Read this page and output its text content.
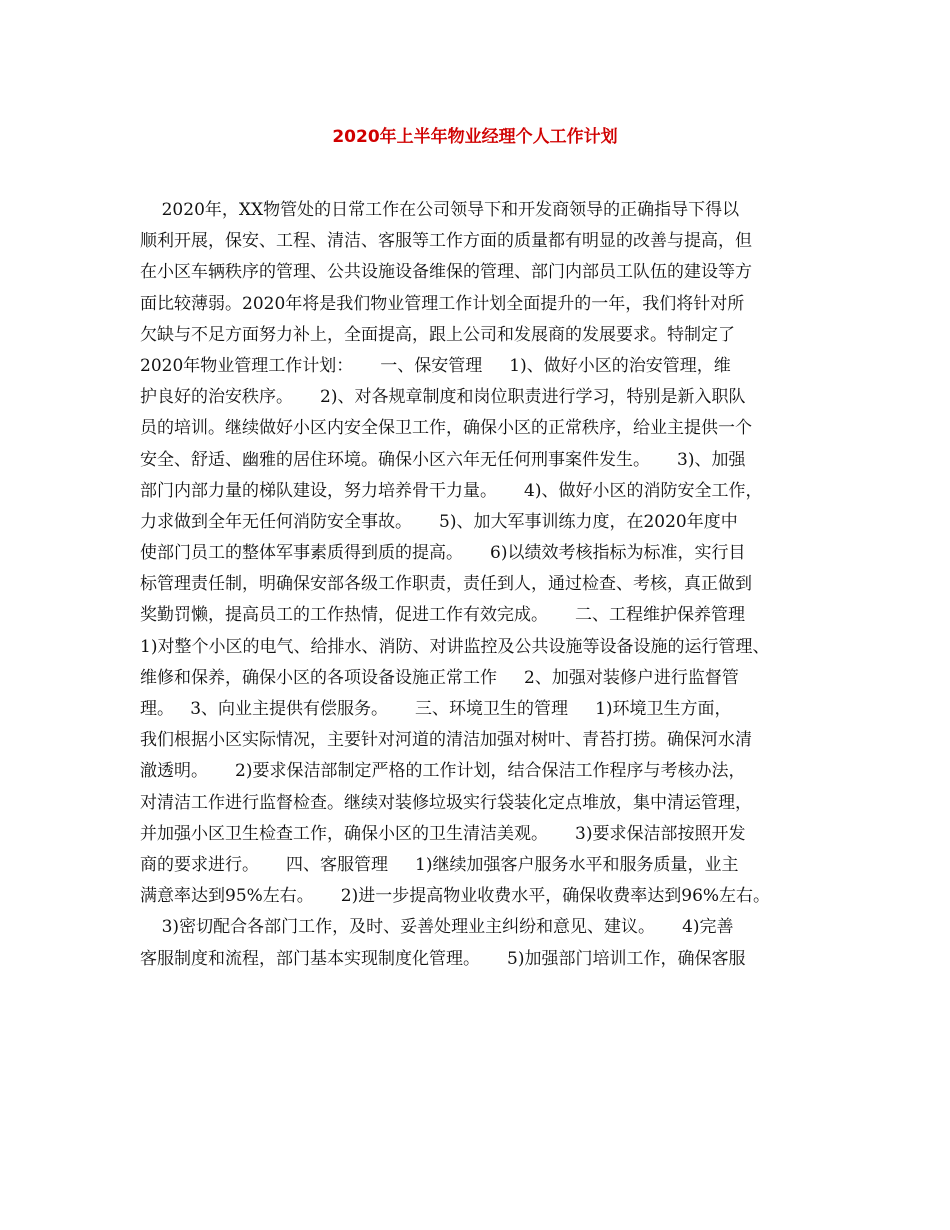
2020年上半年物业经理个人工作计划
2020年，XX物管处的日常工作在公司领导下和开发商领导的正确指导下得以
顺利开展，保安、工程、清洁、客服等工作方面的质量都有明显的改善与提高，但
在小区车辆秩序的管理、公共设施设备维保的管理、部门内部员工队伍的建设等方
面比较薄弱。2020年将是我们物业管理工作计划全面提升的一年，我们将针对所
欠缺与不足方面努力补上，全面提高，跟上公司和发展商的发展要求。特制定了
2020年物业管理工作计划：     一、保安管理     1)、做好小区的治安管理，维
护良好的治安秩序。     2)、对各规章制度和岗位职责进行学习，特别是新入职队
员的培训。继续做好小区内安全保卫工作，确保小区的正常秩序，给业主提供一个
安全、舒适、幽雅的居住环境。确保小区六年无任何刑事案件发生。     3)、加强
部门内部力量的梯队建设，努力培养骨干力量。     4)、做好小区的消防安全工作，
力求做到全年无任何消防安全事故。     5)、加大军事训练力度，在2020年度中
使部门员工的整体军事素质得到质的提高。     6)以绩效考核指标为标准，实行目
标管理责任制，明确保安部各级工作职责，责任到人，通过检查、考核，真正做到
奖勤罚懒，提高员工的工作热情，促进工作有效完成。     二、工程维护保养管理
1)对整个小区的电气、给排水、消防、对讲监控及公共设施等设备设施的运行管理、
维修和保养，确保小区的各项设备设施正常工作     2、加强对装修户进行监督管
理。   3、向业主提供有偿服务。     三、环境卫生的管理     1)环境卫生方面，
我们根据小区实际情况，主要针对河道的清洁加强对树叶、青苔打捞。确保河水清
澈透明。     2)要求保洁部制定严格的工作计划，结合保洁工作程序与考核办法，
对清洁工作进行监督检查。继续对装修垃圾实行袋装化定点堆放，集中清运管理，
并加强小区卫生检查工作，确保小区的卫生清洁美观。     3)要求保洁部按照开发
商的要求进行。     四、客服管理     1)继续加强客户服务水平和服务质量，业主
满意率达到95%左右。     2)进一步提高物业收费水平，确保收费率达到96%左右。
3)密切配合各部门工作，及时、妥善处理业主纠纷和意见、建议。     4)完善
客服制度和流程，部门基本实现制度化管理。     5)加强部门培训工作，确保客服
